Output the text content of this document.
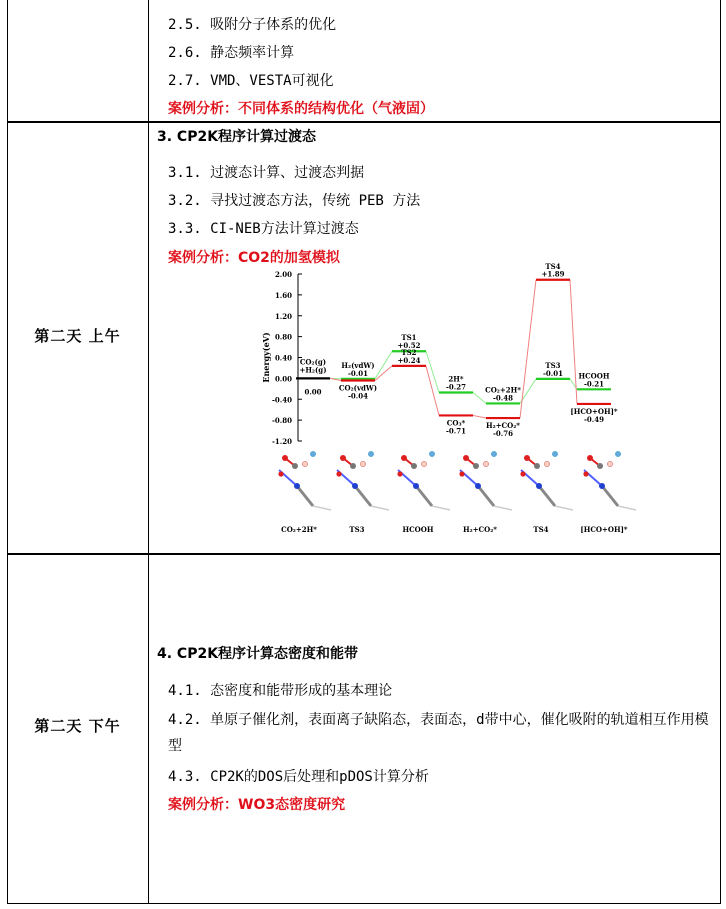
2.5. 吸附分子体系的优化
2.6. 静态频率计算
2.7. VMD、VESTA可视化
案例分析：不同体系的结构优化（气液固）
第二天 上午
3. CP2K程序计算过渡态
3.1. 过渡态计算、过渡态判据
3.2. 寻找过渡态方法，传统 PEB 方法
3.3. CI-NEB方法计算过渡态
案例分析：CO2的加氢模拟
2.00
1.60
1.20
0.80
0.40
0.00
-0.40
-0.80
-1.20
Energy(eV)	CO₂(g)
+H₂(g)
0.00
H₂(vdW)
-0.01
CO₂(vdW)
-0.04
TS1
+0.52
TS2
+0.24
2H*
-0.27
CO₃*
-0.71
CO₂+2H*
-0.48
H₂+CO₂*
-0.76
TS4
+1.89
TS3
-0.01 HCOOH
-0.21
[HCO+OH]*
-0.49
CO₂+2H*	TS3	HCOOH	H₂+CO₂*	TS4	[HCO+OH]*
第二天 下午
4. CP2K程序计算态密度和能带
4.1. 态密度和能带形成的基本理论
4.2. 单原子催化剂，表面离子缺陷态，表面态，d带中心，催化吸附的轨道相互作用模型
4.3. CP2K的DOS后处理和pDOS计算分析
案例分析：WO3态密度研究
